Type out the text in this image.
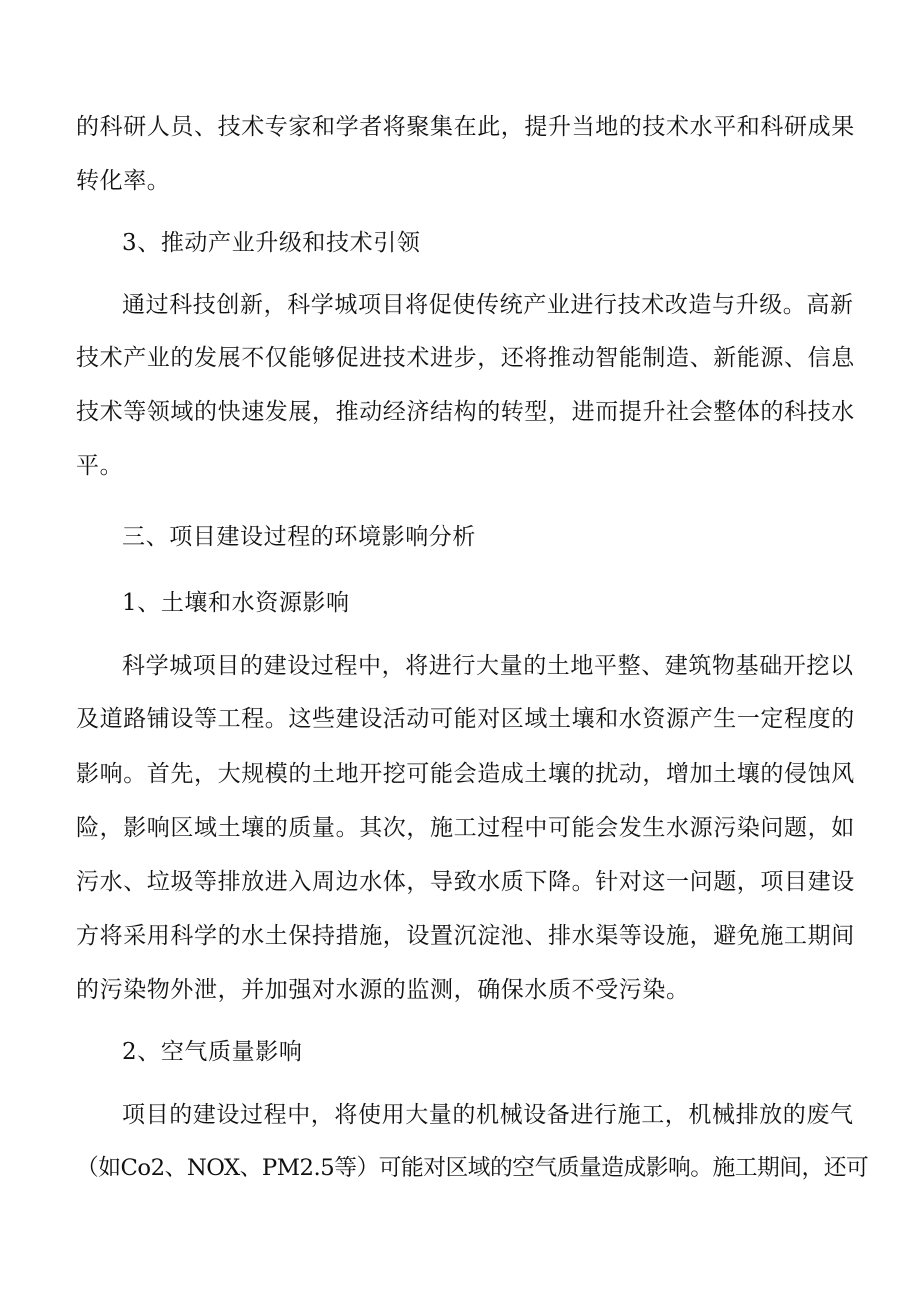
的科研人员、技术专家和学者将聚集在此，提升当地的技术水平和科研成果
转化率。
3、推动产业升级和技术引领
通过科技创新，科学城项目将促使传统产业进行技术改造与升级。高新
技术产业的发展不仅能够促进技术进步，还将推动智能制造、新能源、信息
技术等领域的快速发展，推动经济结构的转型，进而提升社会整体的科技水
平。
三、项目建设过程的环境影响分析
1、土壤和水资源影响
科学城项目的建设过程中，将进行大量的土地平整、建筑物基础开挖以
及道路铺设等工程。这些建设活动可能对区域土壤和水资源产生一定程度的
影响。首先，大规模的土地开挖可能会造成土壤的扰动，增加土壤的侵蚀风
险，影响区域土壤的质量。其次，施工过程中可能会发生水源污染问题，如
污水、垃圾等排放进入周边水体，导致水质下降。针对这一问题，项目建设
方将采用科学的水土保持措施，设置沉淀池、排水渠等设施，避免施工期间
的污染物外泄，并加强对水源的监测，确保水质不受污染。
2、空气质量影响
项目的建设过程中，将使用大量的机械设备进行施工，机械排放的废气
（如Co2、NOX、PM2.5等）可能对区域的空气质量造成影响。施工期间，还可
